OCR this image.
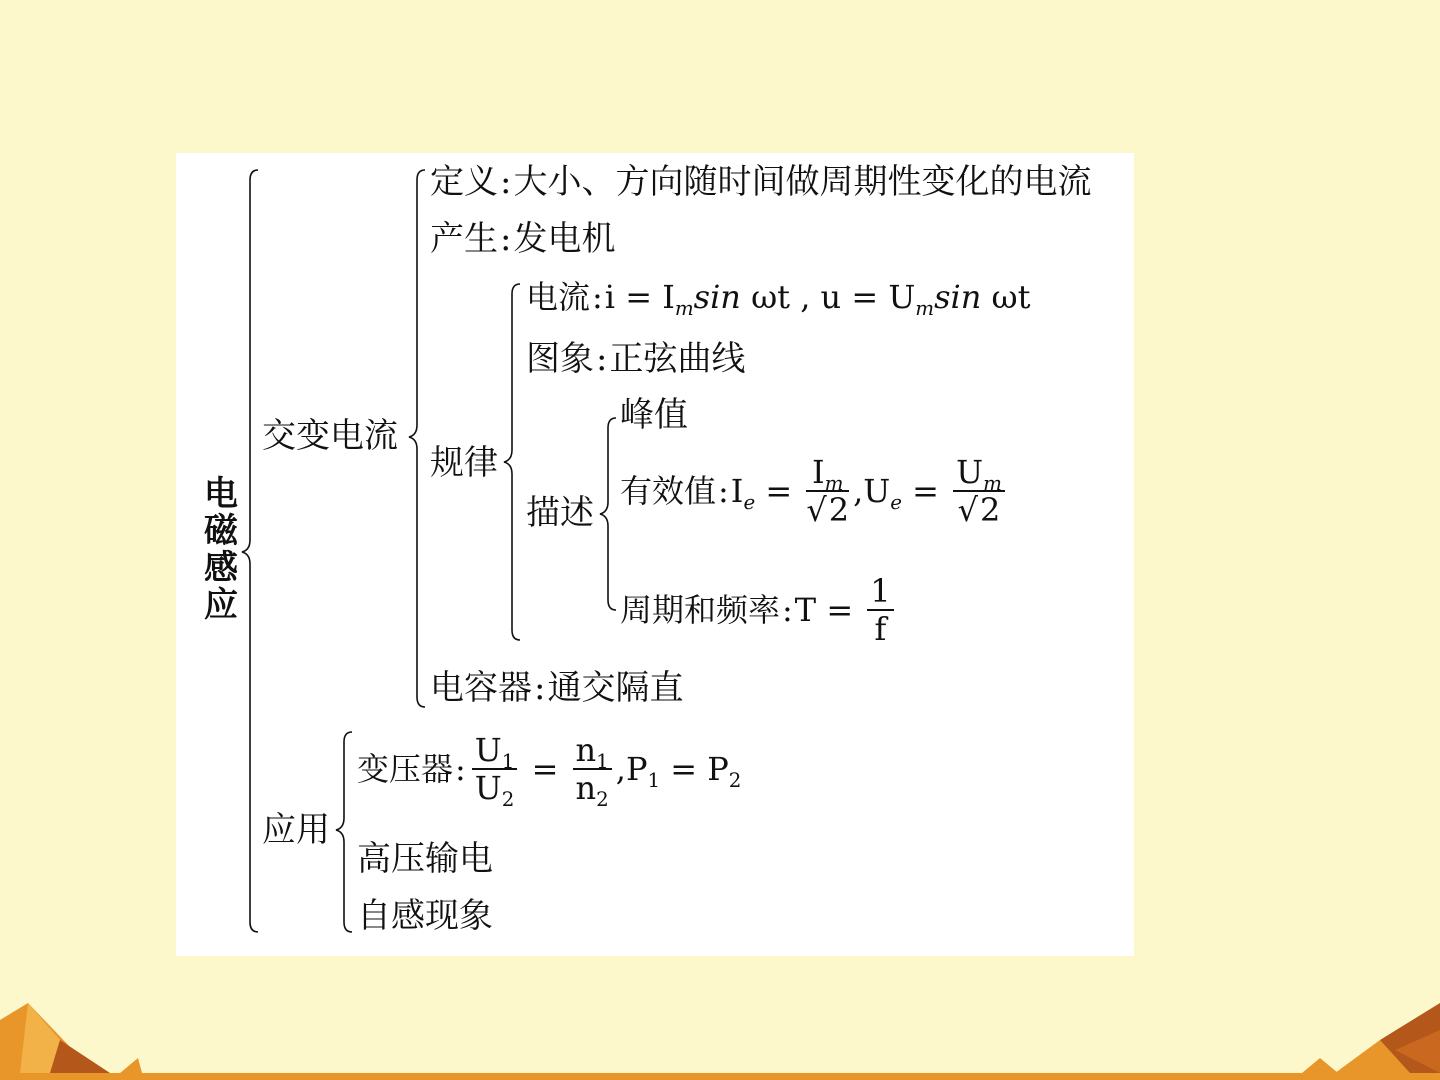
电磁感应
交变电流
应用
定义:大小、方向随时间做周期性变化的电流
产生:发电机
规律
电容器:通交隔直
电流:i = $I_m\sin$ ωt , $u = U_m\sin$ ωt
图象:正弦曲线
描述
峰值
有效值$:I_e = \frac{I_m}{√2} ,U_e = \frac{U_m}{√2}$
周期和频率:T = $\frac{1}{f}$
变压器: $\frac{U_1}{U_2} = \frac{n_1}{n_2} ,P_1 = P_2$
高压输电
自感现象
